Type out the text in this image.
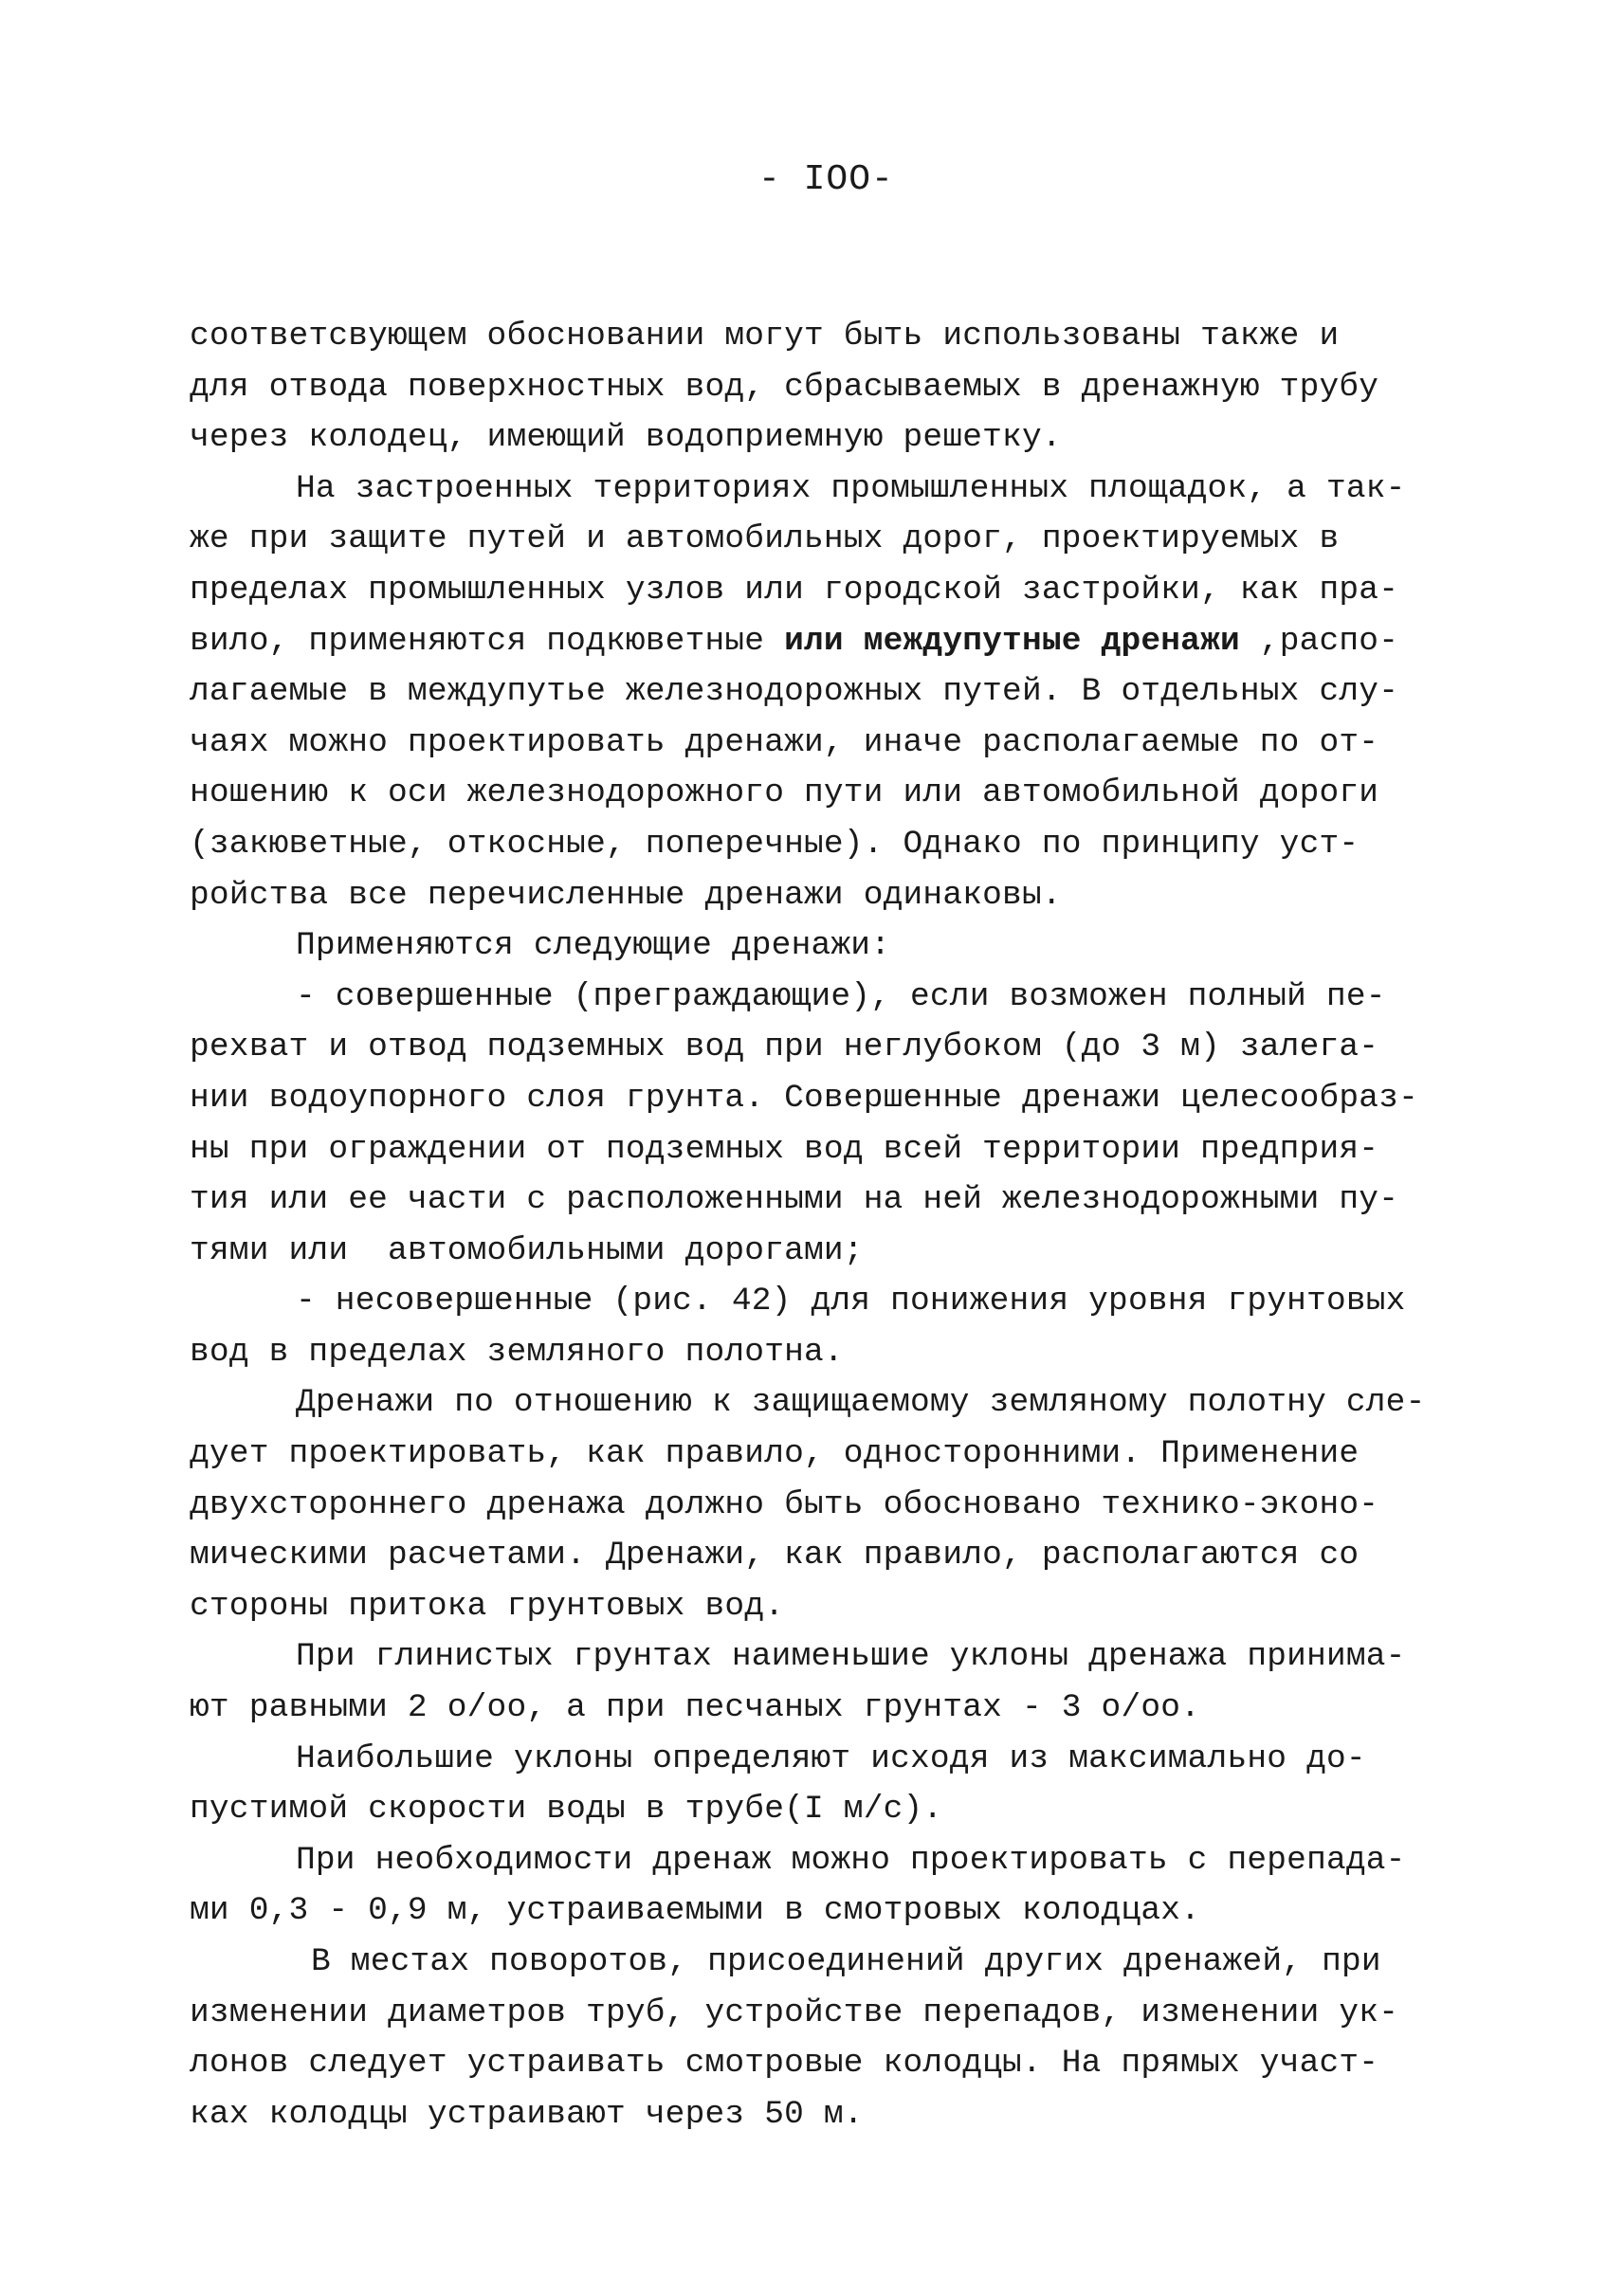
- IOO-
соответсвующем обосновании могут быть использованы также и
для отвода поверхностных вод, сбрасываемых в дренажную трубу
через колодец, имеющий водоприемную решетку.
На застроенных территориях промышленных площадок, а так-
же при защите путей и автомобильных дорог, проектируемых в
пределах промышленных узлов или городской застройки, как пра-
вило, применяются подкюветные или междупутные дренажи ,распо-
лагаемые в междупутье железнодорожных путей. В отдельных слу-
чаях можно проектировать дренажи, иначе располагаемые по от-
ношению к оси железнодорожного пути или автомобильной дороги
(закюветные, откосные, поперечные). Однако по принципу уст-
ройства все перечисленные дренажи одинаковы.
Применяются следующие дренажи:
- совершенные (преграждающие), если возможен полный пе-
рехват и отвод подземных вод при неглубоком (до 3 м) залега-
нии водоупорного слоя грунта. Совершенные дренажи целесообраз-
ны при ограждении от подземных вод всей территории предприя-
тия или ее части с расположенными на ней железнодорожными пу-
тями или  автомобильными дорогами;
- несовершенные (рис. 42) для понижения уровня грунтовых
вод в пределах земляного полотна.
Дренажи по отношению к защищаемому земляному полотну сле-
дует проектировать, как правило, односторонними. Применение
двухстороннего дренажа должно быть обосновано технико-эконо-
мическими расчетами. Дренажи, как правило, располагаются со
стороны притока грунтовых вод.
При глинистых грунтах наименьшие уклоны дренажа принима-
ют равными 2 о/оо, а при песчаных грунтах - 3 о/оо.
Наибольшие уклоны определяют исходя из максимально до-
пустимой скорости воды в трубе(I м/с).
При необходимости дренаж можно проектировать с перепада-
ми 0,3 - 0,9 м, устраиваемыми в смотровых колодцах.
В местах поворотов, присоединений других дренажей, при
изменении диаметров труб, устройстве перепадов, изменении ук-
лонов следует устраивать смотровые колодцы. На прямых участ-
ках колодцы устраивают через 50 м.
